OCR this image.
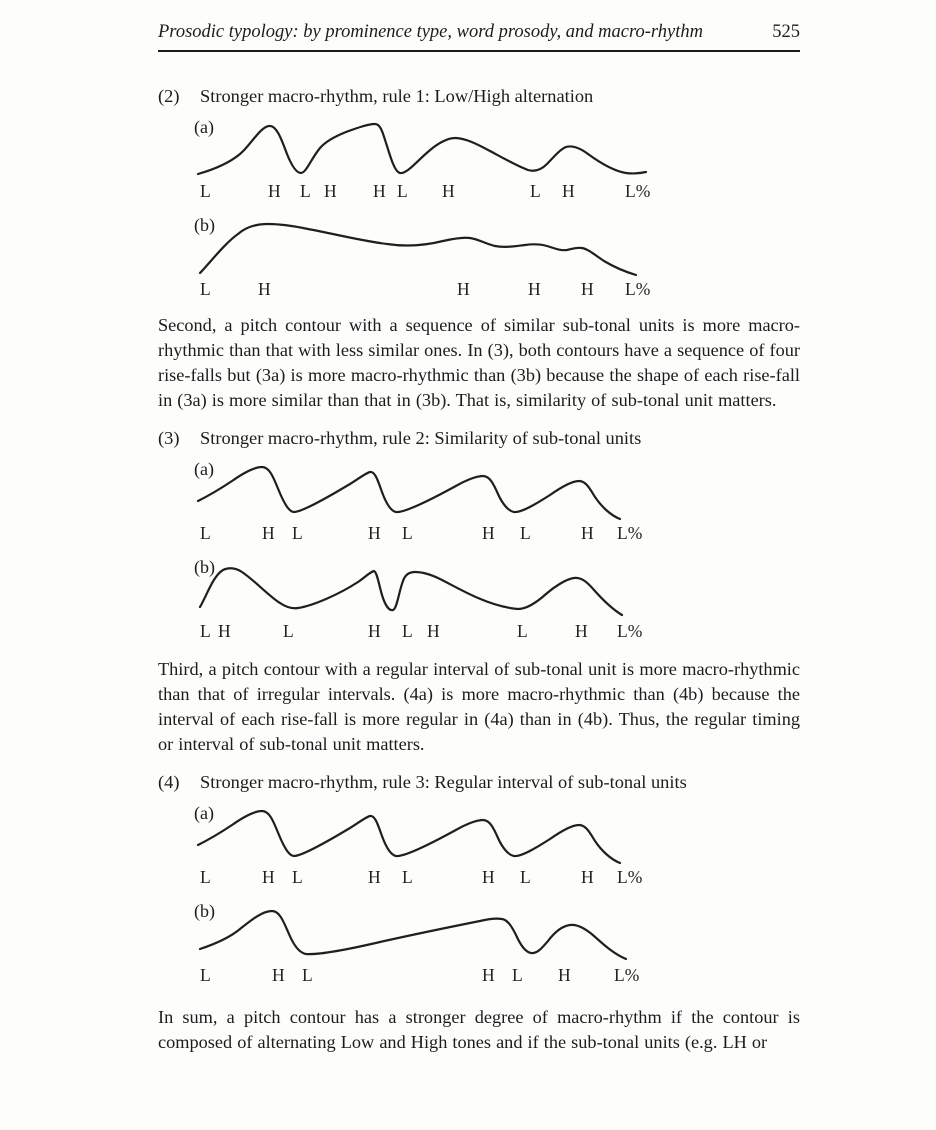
Prosodic typology: by prominence type, word prosody, and macro-rhythm	525
(2)	Stronger macro-rhythm, rule 1: Low/High alternation
(a)
L	H L H H L H	L H	L%
(b)
L	H	H	H H L%

Second, a pitch contour with a sequence of similar sub-tonal units is more macro-rhythmic than that with less similar ones. In (3), both contours have a sequence of four rise-falls but (3a) is more macro-rhythmic than (3b) because the shape of each rise-fall in (3a) is more similar than that in (3b). That is, similarity of sub-tonal unit matters.

(3)	Stronger macro-rhythm, rule 2: Similarity of sub-tonal units
(a)
L	H L	H L	H L	H L%
(b)
L H	L	H L H	L	H L%

Third, a pitch contour with a regular interval of sub-tonal unit is more macro-rhythmic than that of irregular intervals. (4a) is more macro-rhythmic than (4b) because the interval of each rise-fall is more regular in (4a) than in (4b). Thus, the regular timing or interval of sub-tonal unit matters.

(4)	Stronger macro-rhythm, rule 3: Regular interval of sub-tonal units
(a)
L	H L	H L	H L	H L%
(b)
L	H L	H L H L%

In sum, a pitch contour has a stronger degree of macro-rhythm if the contour is composed of alternating Low and High tones and if the sub-tonal units (e.g. LH or
